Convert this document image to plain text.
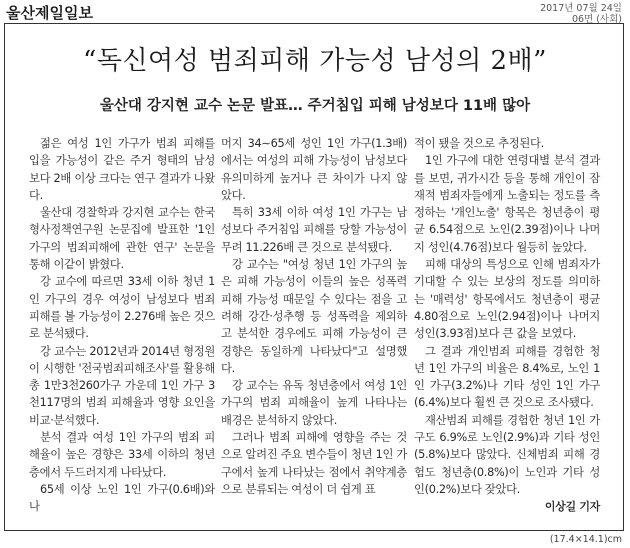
울산제일일보	2017년 07월 24일
06면 (사회)
“독신여성 범죄피해 가능성 남성의 2배”
울산대 강지현 교수 논문 발표… 주거침입 피해 남성보다 11배 많아

젊은 여성 1인 가구가 범죄 피해를 입을 가능성이 같은 주거 형태의 남성보다 2배 이상 크다는 연구 결과가 나왔다.

울산대 경찰학과 강지현 교수는 한국형사정책연구원 논문집에 발표한 '1인 가구의 범죄피해에 관한 연구' 논문을 통해 이같이 밝혔다.

강 교수에 따르면 33세 이하 청년 1인 가구의 경우 여성이 남성보다 범죄 피해를 볼 가능성이 2.276배 높은 것으로 분석됐다.

강 교수는 2012년과 2014년 형정원이 시행한 '전국범죄피해조사'를 활용해 총 1만3천260가구 가운데 1인 가구 3천117명의 범죄 피해율과 영향 요인을 비교·분석했다.

분석 결과 여성 1인 가구의 범죄 피해율이 높은 경향은 33세 이하의 청년층에서 두드러지게 나타났다.

65세 이상 노인 1인 가구(0.6배)와 나

머지 34∼65세 성인 1인 가구(1.3배)에서는 여성의 피해 가능성이 남성보다 유의미하게 높거나 큰 차이가 나지 않았다.

특히 33세 이하 여성 1인 가구는 남성보다 주거침입 피해를 당할 가능성이 무려 11.226배 큰 것으로 분석됐다.

강 교수는 "여성 청년 1인 가구의 높은 피해 가능성이 이들의 높은 성폭력 피해 가능성 때문일 수 있다는 점을 고려해 강간·성추행 등 성폭력을 제외하고 분석한 경우에도 피해 가능성이 큰 경향은 동일하게 나타났다"고 설명했다.

강 교수는 유독 청년층에서 여성 1인 가구의 범죄 피해율이 높게 나타나는 배경은 분석하지 않았다.

그러나 범죄 피해에 영향을 주는 것으로 알려진 주요 변수들이 청년 1인 가구에서 높게 나타났는 점에서 취약계층으로 분류되는 여성이 더 쉽게 표

적이 됐을 것으로 추정된다.

1인 가구에 대한 연령대별 분석 결과를 보면, 귀가시간 등을 통해 개인이 잠재적 범죄자들에게 노출되는 정도를 측정하는 '개인노출' 항목은 청년층이 평균 6.54점으로 노인(2.39점)이나 나머지 성인(4.76점)보다 월등히 높았다.

피해 대상의 특성으로 인해 범죄자가 기대할 수 있는 보상의 정도를 의미하는 '매력성' 항목에서도 청년층이 평균 4.80점으로 노인(2.94점)이나 나머지 성인(3.93점)보다 큰 값을 보였다.

그 결과 개인범죄 피해를 경험한 청년 1인 가구의 비율은 8.4%로, 노인 1인 가구(3.2%)나 기타 성인 1인 가구(6.4%)보다 훨씬 큰 것으로 조사됐다.

재산범죄 피해를 경험한 청년 1인 가구도 6.9%로 노인(2.9%)과 기타 성인(5.8%)보다 많았다. 신체범죄 피해 경험도 청년층(0.8%)이 노인과 기타 성인(0.2%)보다 잦았다.

이상길 기자

(17.4×14.1)cm
